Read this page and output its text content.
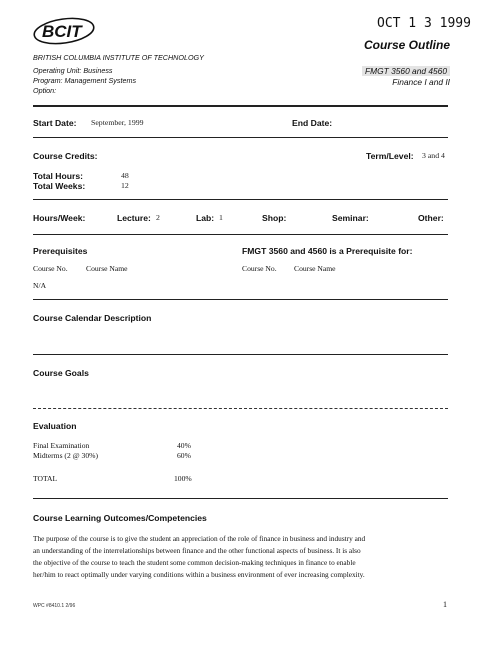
BCIT
BRITISH COLUMBIA INSTITUTE OF TECHNOLOGY
Operating Unit: Business
Program: Management Systems
Option:
OCT 1 3 1999
Course Outline
FMGT 3560 and 4560
Finance I and II
Start Date: September, 1999	End Date:
Course Credits:	Term/Level: 3 and 4
Total Hours:	48
Total Weeks:	12
Hours/Week:	Lecture: 2	Lab: 1	Shop:	Seminar:	Other:
Prerequisites	FMGT 3560 and 4560 is a Prerequisite for:
Course No. Course Name	Course No. Course Name
N/A
Course Calendar Description
Course Goals
Evaluation
Final Examination	40%
Midterms (2 @ 30%)	60%
TOTAL	100%
Course Learning Outcomes/Competencies
The purpose of the course is to give the student an appreciation of the role of finance in business and industry and
an understanding of the interrelationships between finance and the other functional aspects of business. It is also
the objective of the course to teach the student some common decision-making techniques in finance to enable
her/him to react optimally under varying conditions within a business environment of ever increasing complexity.
WPC #8410.1 2/96	1
